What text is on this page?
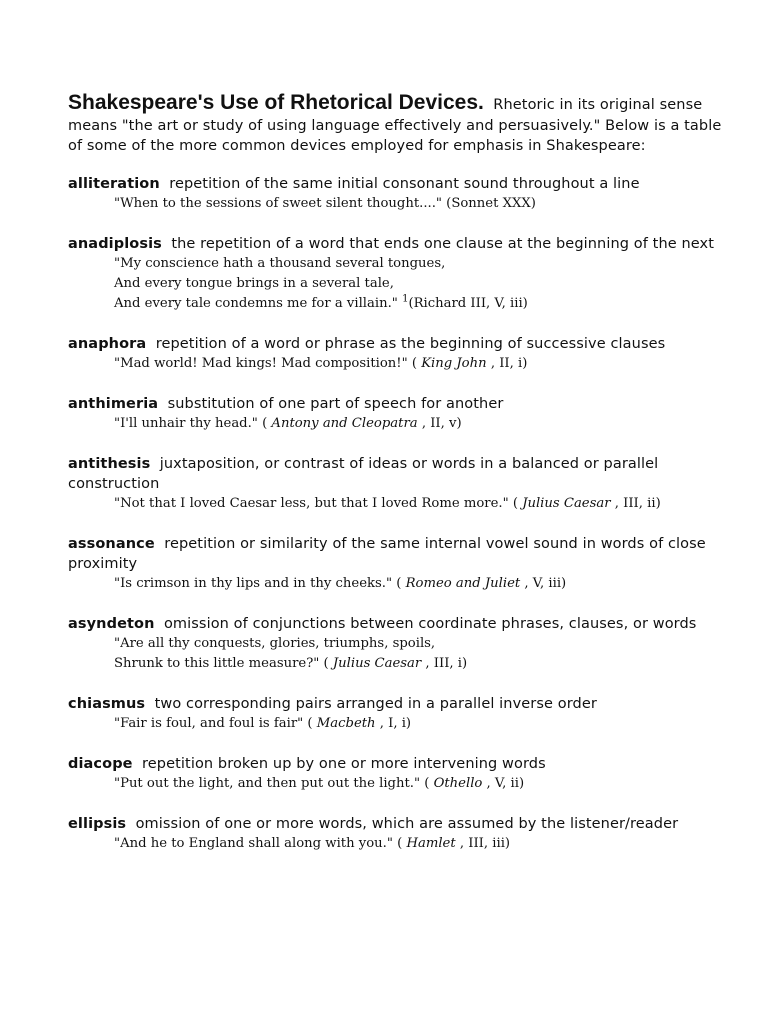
Shakespeare's Use of Rhetorical Devices. Rhetoric in its original sense means "the art or study of using language effectively and persuasively." Below is a table of some of the more common devices employed for emphasis in Shakespeare:

alliteration repetition of the same initial consonant sound throughout a line
"When to the sessions of sweet silent thought...." (Sonnet XXX)
anadiplosis the repetition of a word that ends one clause at the beginning of the next
"My conscience hath a thousand several tongues,
And every tongue brings in a several tale,
And every tale condemns me for a villain." $^1$(Richard III, V, iii)
anaphora repetition of a word or phrase as the beginning of successive clauses
"Mad world! Mad kings! Mad composition!" ( King John , II, i)
anthimeria substitution of one part of speech for another
"I'll unhair thy head." ( Antony and Cleopatra , II, v)
antithesis juxtaposition, or contrast of ideas or words in a balanced or parallel construction
"Not that I loved Caesar less, but that I loved Rome more." ( Julius Caesar , III, ii)
assonance repetition or similarity of the same internal vowel sound in words of close proximity
"Is crimson in thy lips and in thy cheeks." ( Romeo and Juliet , V, iii)
asyndeton omission of conjunctions between coordinate phrases, clauses, or words
"Are all thy conquests, glories, triumphs, spoils,
Shrunk to this little measure?" ( Julius Caesar , III, i)
chiasmus two corresponding pairs arranged in a parallel inverse order
"Fair is foul, and foul is fair" ( Macbeth , I, i)
diacope repetition broken up by one or more intervening words
"Put out the light, and then put out the light." ( Othello , V, ii)
ellipsis omission of one or more words, which are assumed by the listener/reader
"And he to England shall along with you." ( Hamlet , III, iii)
